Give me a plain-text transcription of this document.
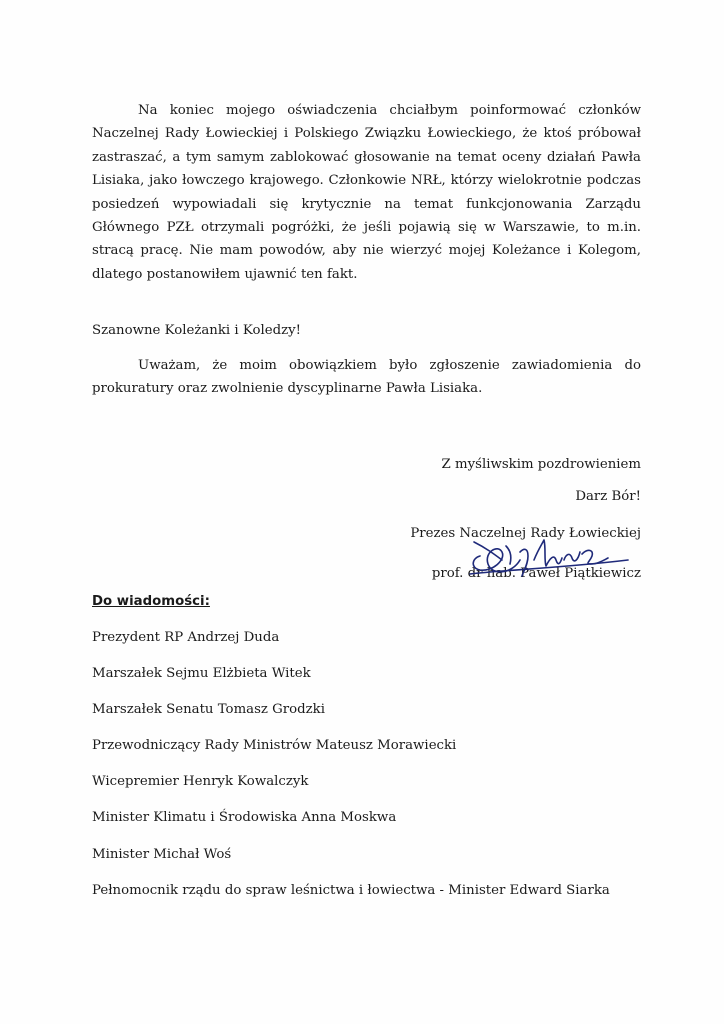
Na koniec mojego oświadczenia chciałbym poinformować członków Naczelnej Rady Łowieckiej i Polskiego Związku Łowieckiego, że ktoś próbował zastraszać, a tym samym zablokować głosowanie na temat oceny działań Pawła Lisiaka, jako łowczego krajowego. Członkowie NRŁ, którzy wielokrotnie podczas posiedzeń wypowiadali się krytycznie na temat funkcjonowania Zarządu Głównego PZŁ otrzymali pogróżki, że jeśli pojawią się w Warszawie, to m.in. stracą pracę. Nie mam powodów, aby nie wierzyć mojej Koleżance i Kolegom, dlatego postanowiłem ujawnić ten fakt.

Szanowne Koleżanki i Koledzy!

Uważam, że moim obowiązkiem było zgłoszenie zawiadomienia do prokuratury oraz zwolnienie dyscyplinarne Pawła Lisiaka.

Z myśliwskim pozdrowieniem

Darz Bór!

Prezes Naczelnej Rady Łowieckiej

prof. dr hab. Paweł Piątkiewicz

Do wiadomości:

Prezydent RP Andrzej Duda
Marszałek Sejmu Elżbieta Witek
Marszałek Senatu Tomasz Grodzki
Przewodniczący Rady Ministrów Mateusz Morawiecki
Wicepremier Henryk Kowalczyk
Minister Klimatu i Środowiska Anna Moskwa
Minister Michał Woś
Pełnomocnik rządu do spraw leśnictwa i łowiectwa - Minister Edward Siarka
